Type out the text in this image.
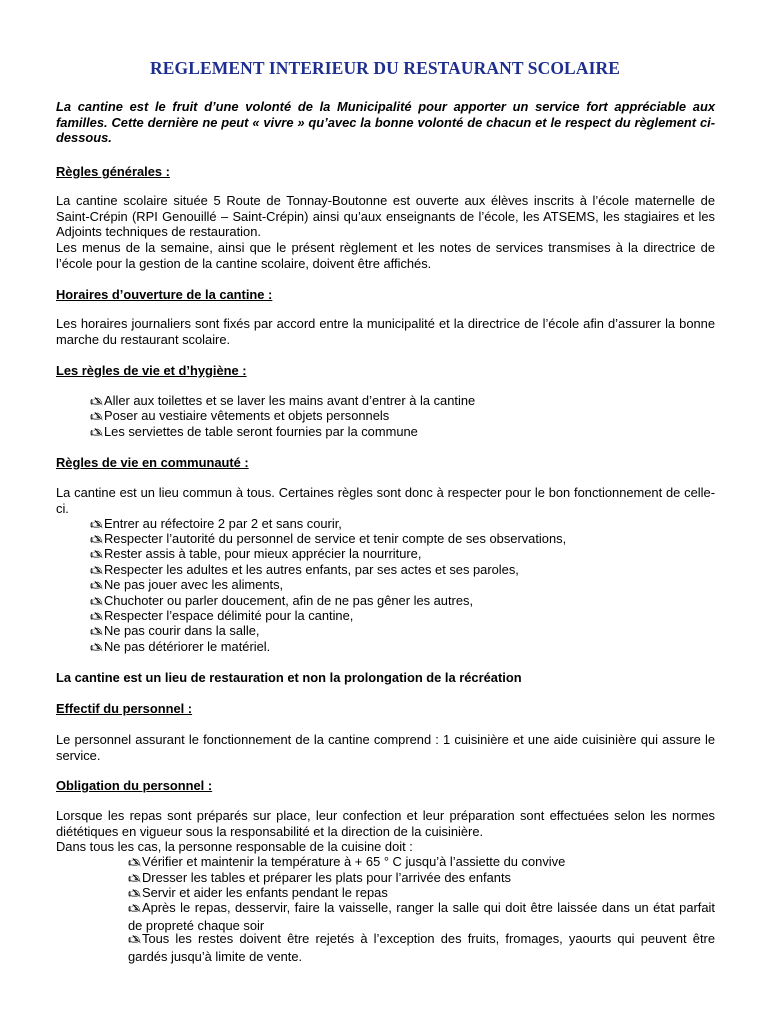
REGLEMENT INTERIEUR DU RESTAURANT SCOLAIRE
La cantine est le fruit d’une volonté de la Municipalité pour apporter un service fort appréciable aux familles. Cette dernière ne peut « vivre » qu’avec la bonne volonté de chacun et le respect du règlement ci-dessous.
Règles générales :
La cantine scolaire située 5 Route de Tonnay-Boutonne est ouverte aux élèves inscrits à l’école maternelle de Saint-Crépin (RPI Genouillé – Saint-Crépin) ainsi qu’aux enseignants de l’école, les ATSEMS, les stagiaires et les Adjoints techniques de restauration.
Les menus de la semaine, ainsi que le présent règlement et les notes de services transmises à la directrice de l’école pour la gestion de la cantine scolaire, doivent être affichés.
Horaires d’ouverture de la cantine :
Les horaires journaliers sont fixés par accord entre la municipalité et la directrice de l’école afin d’assurer la bonne marche du restaurant scolaire.
Les règles de vie et d’hygiène :
🖎Aller aux toilettes et se laver les mains avant d’entrer à la cantine
🖎Poser au vestiaire vêtements et objets personnels
🖎Les serviettes de table seront fournies par la commune
Règles de vie en communauté :
La cantine est un lieu commun à tous. Certaines règles sont donc à respecter pour le bon fonctionnement de celle-ci.
🖎Entrer au réfectoire 2 par 2 et sans courir,
🖎Respecter l’autorité du personnel de service et tenir compte de ses observations,
🖎Rester assis à table, pour mieux apprécier la nourriture,
🖎Respecter les adultes et les autres enfants, par ses actes et ses paroles,
🖎Ne pas jouer avec les aliments,
🖎Chuchoter ou parler doucement, afin de ne pas gêner les autres,
🖎Respecter l’espace délimité pour la cantine,
🖎Ne pas courir dans la salle,
🖎Ne pas détériorer le matériel.
La cantine est un lieu de restauration et non la prolongation de la récréation
Effectif du personnel :
Le personnel assurant le fonctionnement de la cantine comprend : 1 cuisinière et une aide cuisinière qui assure le service.
Obligation du personnel :
Lorsque les repas sont préparés sur place, leur confection et leur préparation sont effectuées selon les normes diététiques en vigueur sous la responsabilité et la direction de la cuisinière.
Dans tous les cas, la personne responsable de la cuisine doit :
🖎Vérifier et maintenir la température à + 65 ° C jusqu’à l’assiette du convive
🖎Dresser les tables et préparer les plats pour l’arrivée des enfants
🖎Servir et aider les enfants pendant le repas
🖎Après le repas, desservir, faire la vaisselle, ranger la salle qui doit être laissée dans un état parfait de propreté chaque soir
🖎Tous les restes doivent être rejetés à l’exception des fruits, fromages, yaourts qui peuvent être gardés jusqu’à limite de vente.
